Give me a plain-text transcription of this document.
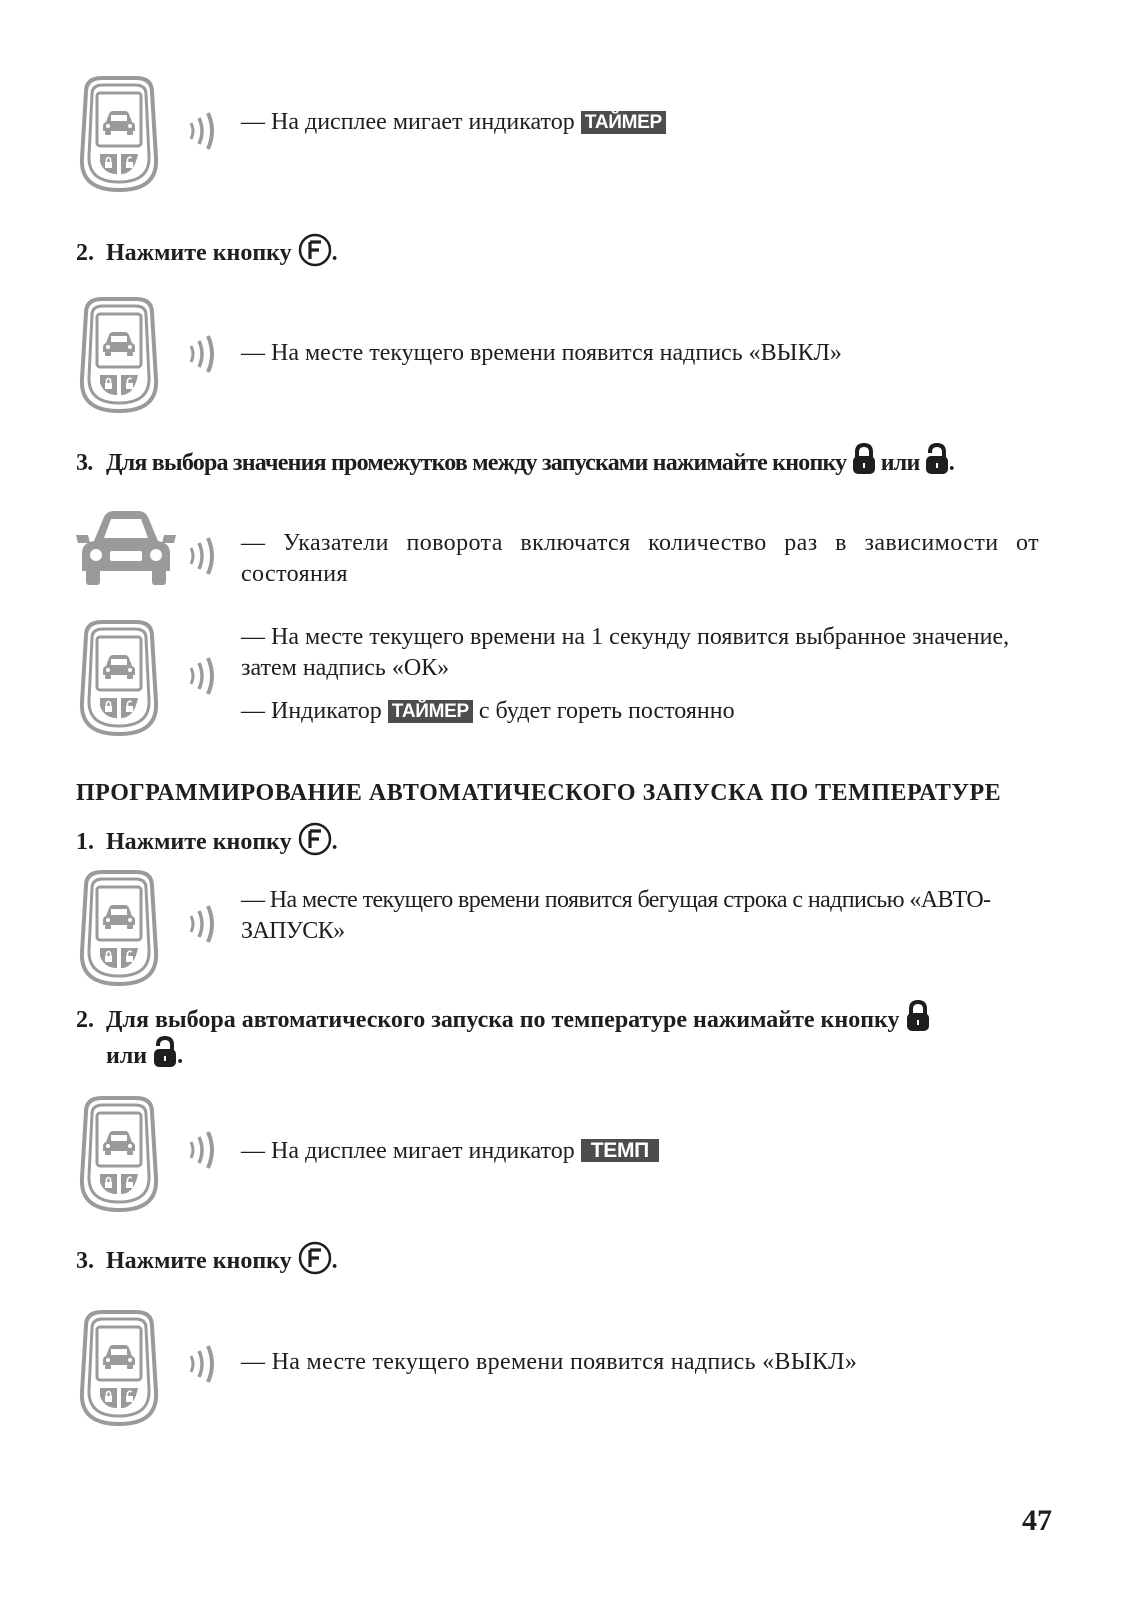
— На дисплее мигает индикатор ТАЙМЕР
2. Нажмите кнопку .
— На месте текущего времени появится надпись «ВЫКЛ»
3. Для выбора значения промежутков между запусками нажимайте кнопку или .
— Указатели поворота включатся количество раз в зависимости от состояния
— На месте текущего времени на 1 секунду появится выбранное значение, затем надпись «ОК»
— Индикатор ТАЙМЕР с будет гореть постоянно
ПРОГРАММИРОВАНИЕ АВТОМАТИЧЕСКОГО ЗАПУСКА ПО ТЕМПЕРАТУРЕ
1. Нажмите кнопку .
— На месте текущего времени появится бегущая строка с надписью «АВТО-ЗАПУСК»
2. Для выбора автоматического запуска по температуре нажимайте кнопку
или .
— На дисплее мигает индикатор ТЕМП
3. Нажмите кнопку .
— На месте текущего времени появится надпись «ВЫКЛ»
47
